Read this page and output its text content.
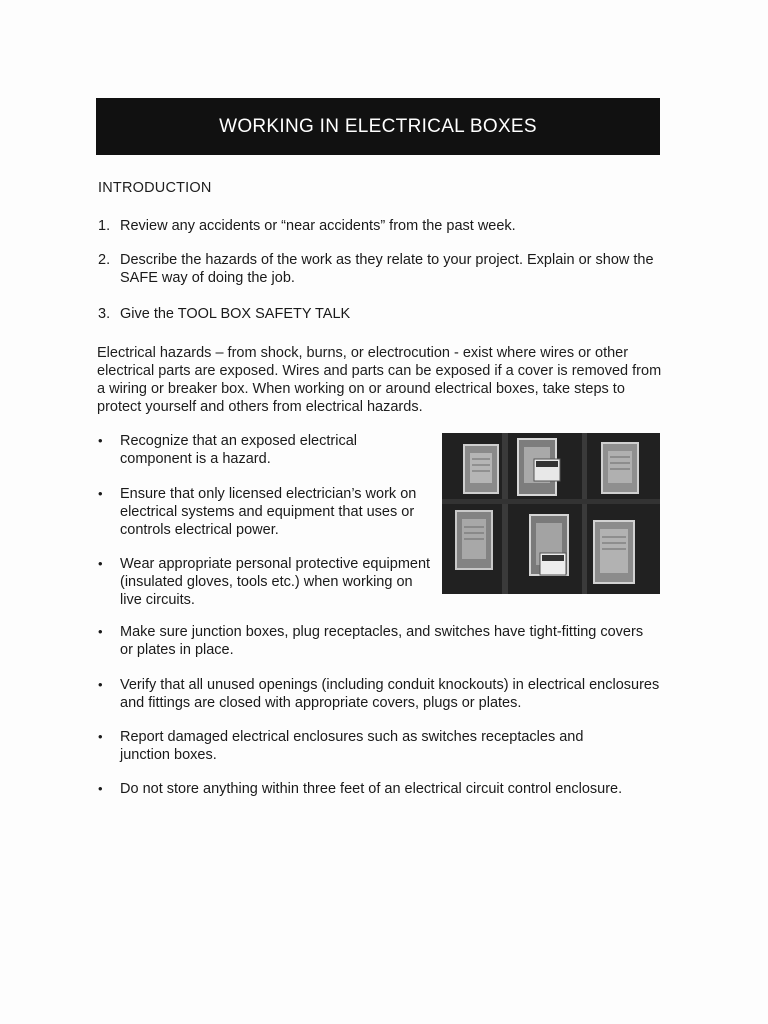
WORKING IN ELECTRICAL BOXES
INTRODUCTION
1. Review any accidents or “near accidents” from the past week.
2. Describe the hazards of the work as they relate to your project. Explain or show the SAFE way of doing the job.
3. Give the TOOL BOX SAFETY TALK
Electrical hazards – from shock, burns, or electrocution - exist where wires or other electrical parts are exposed. Wires and parts can be exposed if a cover is removed from a wiring or breaker box. When working on or around electrical boxes, take steps to protect yourself and others from electrical hazards.
•	Recognize that an exposed electrical component is a hazard.
•	Ensure that only licensed electrician’s work on electrical systems and equipment that uses or controls electrical power.
•	Wear appropriate personal protective equipment (insulated gloves, tools etc.) when working on live circuits.
•	Make sure junction boxes, plug receptacles, and switches have tight-fitting covers or plates in place.
•	Verify that all unused openings (including conduit knockouts) in electrical enclosures and fittings are closed with appropriate covers, plugs or plates.
•	Report damaged electrical enclosures such as switches receptacles and junction boxes.
•	Do not store anything within three feet of an electrical circuit control enclosure.
